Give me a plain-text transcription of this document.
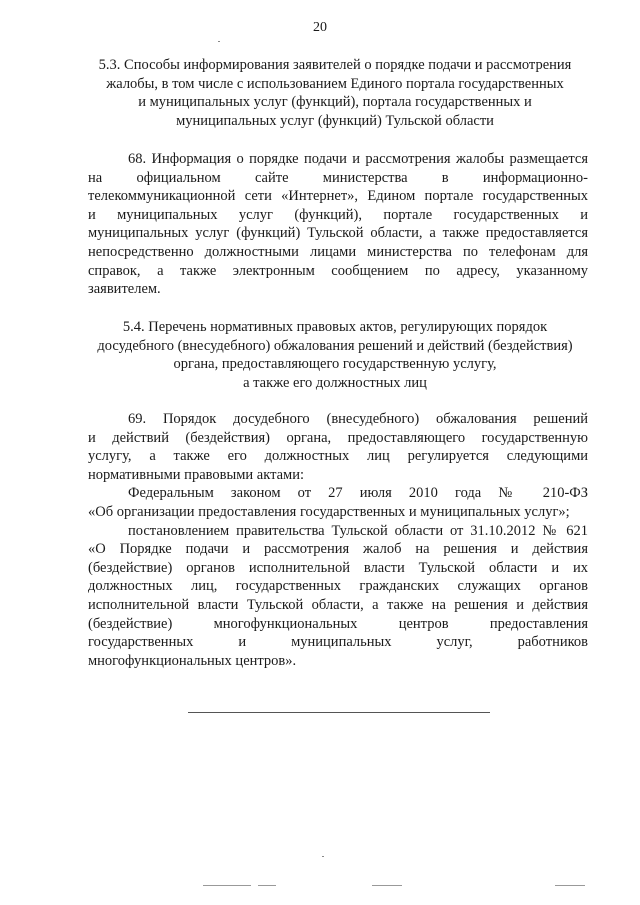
20
5.3. Способы информирования заявителей о порядке подачи и рассмотрения
жалобы, в том числе с использованием Единого портала государственных
и муниципальных услуг (функций), портала государственных и
муниципальных услуг (функций) Тульской области
68. Информация о порядке подачи и рассмотрения жалобы размещается
на официальном сайте министерства в информационно-
телекоммуникационной сети «Интернет», Едином портале государственных
и муниципальных услуг (функций), портале государственных и
муниципальных услуг (функций) Тульской области, а также предоставляется
непосредственно должностными лицами министерства по телефонам для
справок, а также электронным сообщением по адресу, указанному
заявителем.
5.4. Перечень нормативных правовых актов, регулирующих порядок
досудебного (внесудебного) обжалования решений и действий (бездействия)
органа, предоставляющего государственную услугу,
а также его должностных лиц
69. Порядок досудебного (внесудебного) обжалования решений
и действий (бездействия) органа, предоставляющего государственную
услугу, а также его должностных лиц регулируется следующими
нормативными правовыми актами:
Федеральным законом от 27 июля 2010 года № 210-ФЗ
«Об организации предоставления государственных и муниципальных услуг»;
постановлением правительства Тульской области от 31.10.2012 № 621
«О Порядке подачи и рассмотрения жалоб на решения и действия
(бездействие) органов исполнительной власти Тульской области и их
должностных лиц, государственных гражданских служащих органов
исполнительной власти Тульской области, а также на решения и действия
(бездействие) многофункциональных центров предоставления
государственных и муниципальных услуг, работников
многофункциональных центров».
